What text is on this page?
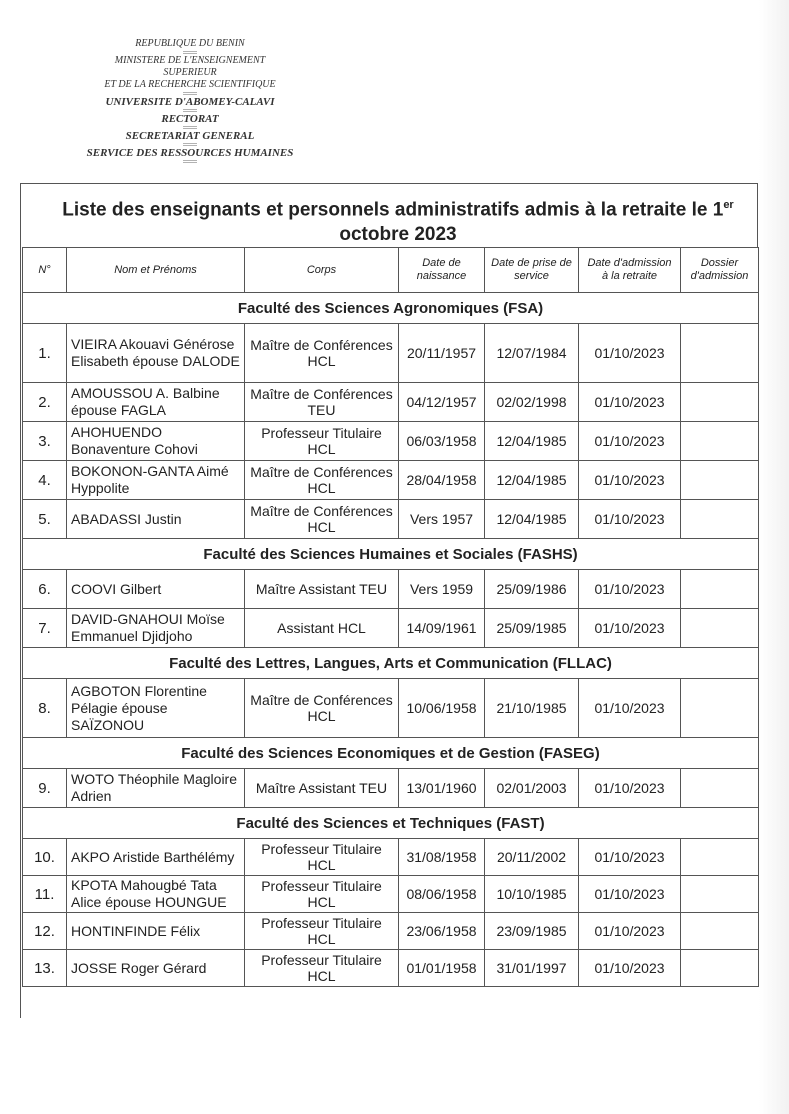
REPUBLIQUE DU BENIN
MINISTERE DE L'ENSEIGNEMENT
SUPERIEUR
ET DE LA RECHERCHE SCIENTIFIQUE
UNIVERSITE D'ABOMEY-CALAVI
RECTORAT
SECRETARIAT GENERAL
SERVICE DES RESSOURCES HUMAINES
Liste des enseignants et personnels administratifs admis à la retraite le 1er
octobre 2023
N°	Nom et Prénoms	Corps	Date de naissance	Date de prise de service	Date d'admission à la retraite	Dossier d'admission
Faculté des Sciences Agronomiques (FSA)						
1.	VIEIRA Akouavi Générose Elisabeth épouse DALODE	Maître de Conférences HCL	20/11/1957	12/07/1984	01/10/2023	
2.	AMOUSSOU A. Balbine épouse FAGLA	Maître de Conférences TEU	04/12/1957	02/02/1998	01/10/2023	
3.	AHOHUENDO Bonaventure Cohovi	Professeur Titulaire HCL	06/03/1958	12/04/1985	01/10/2023	
4.	BOKONON-GANTA Aimé Hyppolite	Maître de Conférences HCL	28/04/1958	12/04/1985	01/10/2023	
5.	ABADASSI Justin	Maître de Conférences HCL	Vers 1957	12/04/1985	01/10/2023	
Faculté des Sciences Humaines et Sociales (FASHS)						
6.	COOVI Gilbert	Maître Assistant TEU	Vers 1959	25/09/1986	01/10/2023	
7.	DAVID-GNAHOUI Moïse Emmanuel Djidjoho	Assistant HCL	14/09/1961	25/09/1985	01/10/2023	
Faculté des Lettres, Langues, Arts et Communication (FLLAC)						
8.	AGBOTON Florentine Pélagie épouse SAÏZONOU	Maître de Conférences HCL	10/06/1958	21/10/1985	01/10/2023	
Faculté des Sciences Economiques et de Gestion (FASEG)						
9.	WOTO Théophile Magloire Adrien	Maître Assistant TEU	13/01/1960	02/01/2003	01/10/2023	
Faculté des Sciences et Techniques (FAST)						
10.	AKPO Aristide Barthélémy	Professeur Titulaire HCL	31/08/1958	20/11/2002	01/10/2023	
11.	KPOTA Mahougbé Tata Alice épouse HOUNGUE	Professeur Titulaire HCL	08/06/1958	10/10/1985	01/10/2023	
12.	HONTINFINDE Félix	Professeur Titulaire HCL	23/06/1958	23/09/1985	01/10/2023	
13.	JOSSE Roger Gérard	Professeur Titulaire HCL	01/01/1958	31/01/1997	01/10/2023	
